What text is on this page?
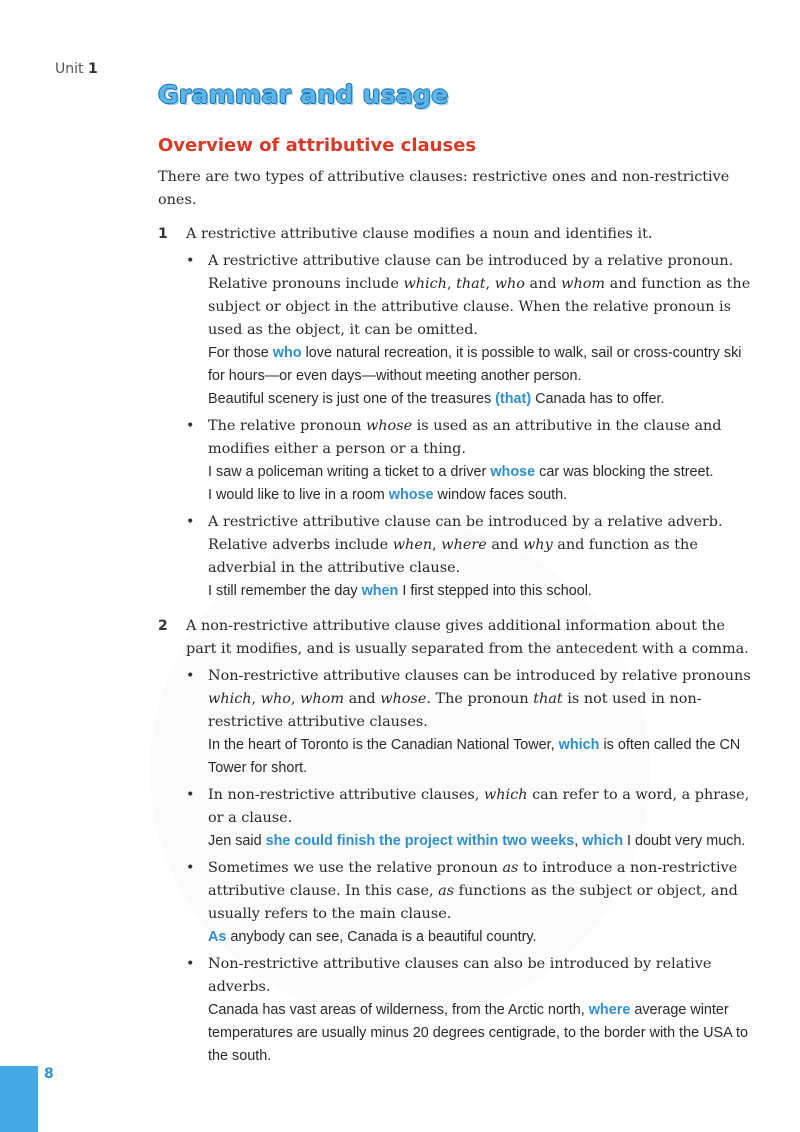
Unit 1
Grammar and usage
Overview of attributive clauses

There are two types of attributive clauses: restrictive ones and non-restrictive ones.

1 A restrictive attributive clause modifies a noun and identifies it.
• A restrictive attributive clause can be introduced by a relative pronoun. Relative pronouns include which, that, who and whom and function as the subject or object in the attributive clause. When the relative pronoun is used as the object, it can be omitted.
For those who love natural recreation, it is possible to walk, sail or cross-country ski for hours—or even days—without meeting another person.
Beautiful scenery is just one of the treasures (that) Canada has to offer.
• The relative pronoun whose is used as an attributive in the clause and modifies either a person or a thing.
I saw a policeman writing a ticket to a driver whose car was blocking the street.
I would like to live in a room whose window faces south.
• A restrictive attributive clause can be introduced by a relative adverb. Relative adverbs include when, where and why and function as the adverbial in the attributive clause.
I still remember the day when I first stepped into this school.
2 A non-restrictive attributive clause gives additional information about the part it modifies, and is usually separated from the antecedent with a comma.
• Non-restrictive attributive clauses can be introduced by relative pronouns which, who, whom and whose. The pronoun that is not used in non-restrictive attributive clauses.
In the heart of Toronto is the Canadian National Tower, which is often called the CN Tower for short.
• In non-restrictive attributive clauses, which can refer to a word, a phrase, or a clause.
Jen said she could finish the project within two weeks, which I doubt very much.
• Sometimes we use the relative pronoun as to introduce a non-restrictive attributive clause. In this case, as functions as the subject or object, and usually refers to the main clause.
As anybody can see, Canada is a beautiful country.
• Non-restrictive attributive clauses can also be introduced by relative adverbs.
Canada has vast areas of wilderness, from the Arctic north, where average winter temperatures are usually minus 20 degrees centigrade, to the border with the USA to the south.
8
